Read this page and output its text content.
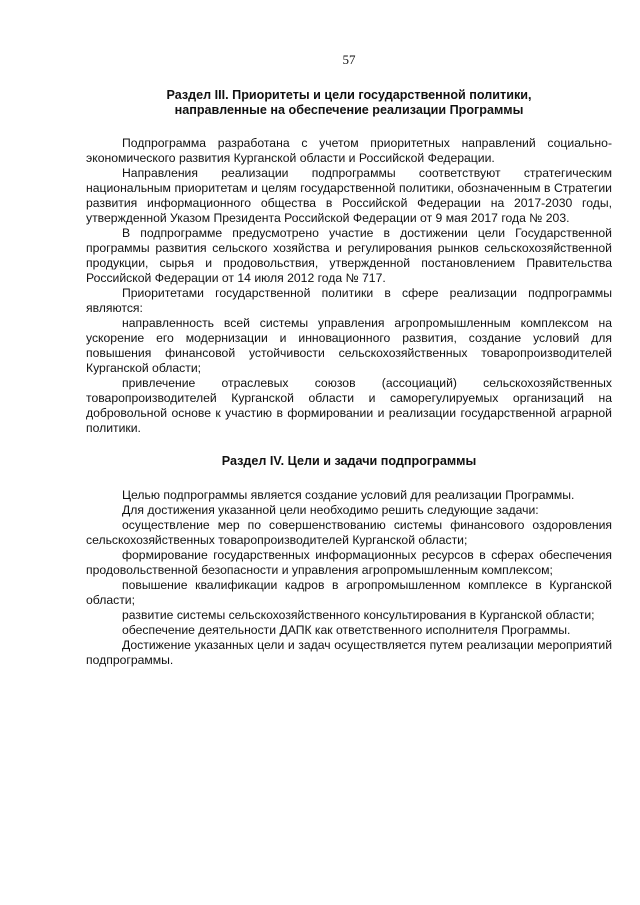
57
Раздел III. Приоритеты и цели государственной политики,
направленные на обеспечение реализации Программы

Подпрограмма разработана с учетом приоритетных направлений социально-экономического развития Курганской области и Российской Федерации.

Направления реализации подпрограммы соответствуют стратегическим национальным приоритетам и целям государственной политики, обозначенным в Стратегии развития информационного общества в Российской Федерации на 2017-2030 годы, утвержденной Указом Президента Российской Федерации от 9 мая 2017 года № 203.

В подпрограмме предусмотрено участие в достижении цели Государственной программы развития сельского хозяйства и регулирования рынков сельскохозяйственной продукции, сырья и продовольствия, утвержденной постановлением Правительства Российской Федерации от 14 июля 2012 года № 717.

Приоритетами государственной политики в сфере реализации подпрограммы являются:

направленность всей системы управления агропромышленным комплексом на ускорение его модернизации и инновационного развития, создание условий для повышения финансовой устойчивости сельскохозяйственных товаропроизводителей Курганской области;

привлечение отраслевых союзов (ассоциаций) сельскохозяйственных товаропроизводителей Курганской области и саморегулируемых организаций на добровольной основе к участию в формировании и реализации государственной аграрной политики.

Раздел IV. Цели и задачи подпрограммы

Целью подпрограммы является создание условий для реализации Программы.

Для достижения указанной цели необходимо решить следующие задачи:

осуществление мер по совершенствованию системы финансового оздоровления сельскохозяйственных товаропроизводителей Курганской области;

формирование государственных информационных ресурсов в сферах обеспечения продовольственной безопасности и управления агропромышленным комплексом;

повышение квалификации кадров в агропромышленном комплексе в Курганской области;

развитие системы сельскохозяйственного консультирования в Курганской области;

обеспечение деятельности ДАПК как ответственного исполнителя Программы.

Достижение указанных цели и задач осуществляется путем реализации мероприятий подпрограммы.
